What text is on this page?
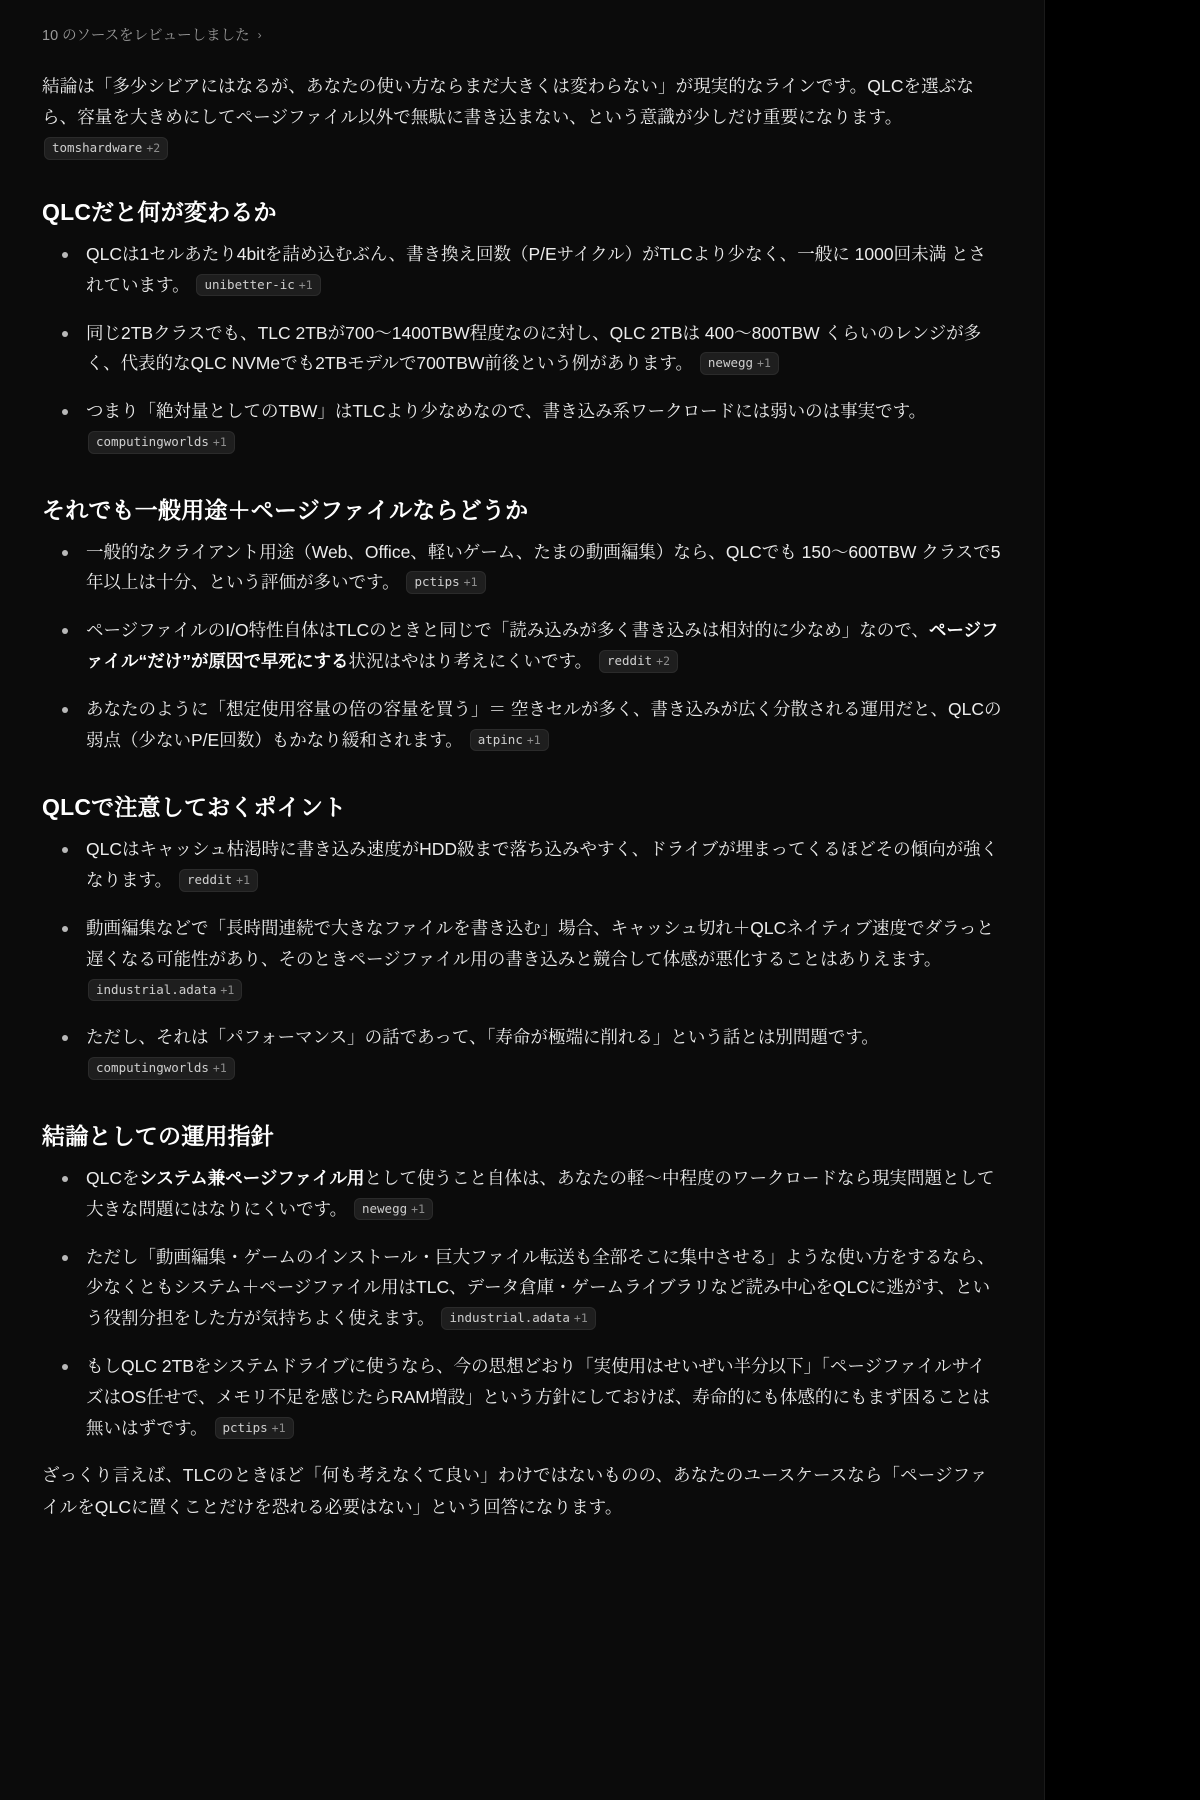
10 のソースをレビューしました ›

結論は「多少シビアにはなるが、あなたの使い方ならまだ大きくは変わらない」が現実的なラインです。QLCを選ぶなら、容量を大きめにしてページファイル以外で無駄に書き込まない、という意識が少しだけ重要になります。

tomshardware +2
QLCだと何が変わるか
QLCは1セルあたり4bitを詰め込むぶん、書き換え回数（P/Eサイクル）がTLCより少なく、一般に 1000回未満 とされています。 unibetter-ic +1
同じ2TBクラスでも、TLC 2TBが700〜1400TBW程度なのに対し、QLC 2TBは 400〜800TBW くらいのレンジが多く、代表的なQLC NVMeでも2TBモデルで700TBW前後という例があります。 newegg +1
つまり「絶対量としてのTBW」はTLCより少なめなので、書き込み系ワークロードには弱いのは事実です。 computingworlds +1
それでも一般用途＋ページファイルならどうか
一般的なクライアント用途（Web、Office、軽いゲーム、たまの動画編集）なら、QLCでも 150〜600TBW クラスで5年以上は十分、という評価が多いです。 pctips +1
ページファイルのI/O特性自体はTLCのときと同じで「読み込みが多く書き込みは相対的に少なめ」なので、ページファイル“だけ”が原因で早死にする状況はやはり考えにくいです。 reddit +2
あなたのように「想定使用容量の倍の容量を買う」＝ 空きセルが多く、書き込みが広く分散される運用だと、QLCの弱点（少ないP/E回数）もかなり緩和されます。 atpinc +1
QLCで注意しておくポイント
QLCはキャッシュ枯渇時に書き込み速度がHDD級まで落ち込みやすく、ドライブが埋まってくるほどその傾向が強くなります。 reddit +1
動画編集などで「長時間連続で大きなファイルを書き込む」場合、キャッシュ切れ＋QLCネイティブ速度でダラっと遅くなる可能性があり、そのときページファイル用の書き込みと競合して体感が悪化することはありえます。 industrial.adata +1
ただし、それは「パフォーマンス」の話であって、「寿命が極端に削れる」という話とは別問題です。 computingworlds +1
結論としての運用指針
QLCをシステム兼ページファイル用として使うこと自体は、あなたの軽〜中程度のワークロードなら現実問題として大きな問題にはなりにくいです。 newegg +1
ただし「動画編集・ゲームのインストール・巨大ファイル転送も全部そこに集中させる」ような使い方をするなら、少なくともシステム＋ページファイル用はTLC、データ倉庫・ゲームライブラリなど読み中心をQLCに逃がす、という役割分担をした方が気持ちよく使えます。 industrial.adata +1
もしQLC 2TBをシステムドライブに使うなら、今の思想どおり「実使用はせいぜい半分以下」「ページファイルサイズはOS任せで、メモリ不足を感じたらRAM増設」という方針にしておけば、寿命的にも体感的にもまず困ることは無いはずです。 pctips +1

ざっくり言えば、TLCのときほど「何も考えなくて良い」わけではないものの、あなたのユースケースなら「ページファイルをQLCに置くことだけを恐れる必要はない」という回答になります。
